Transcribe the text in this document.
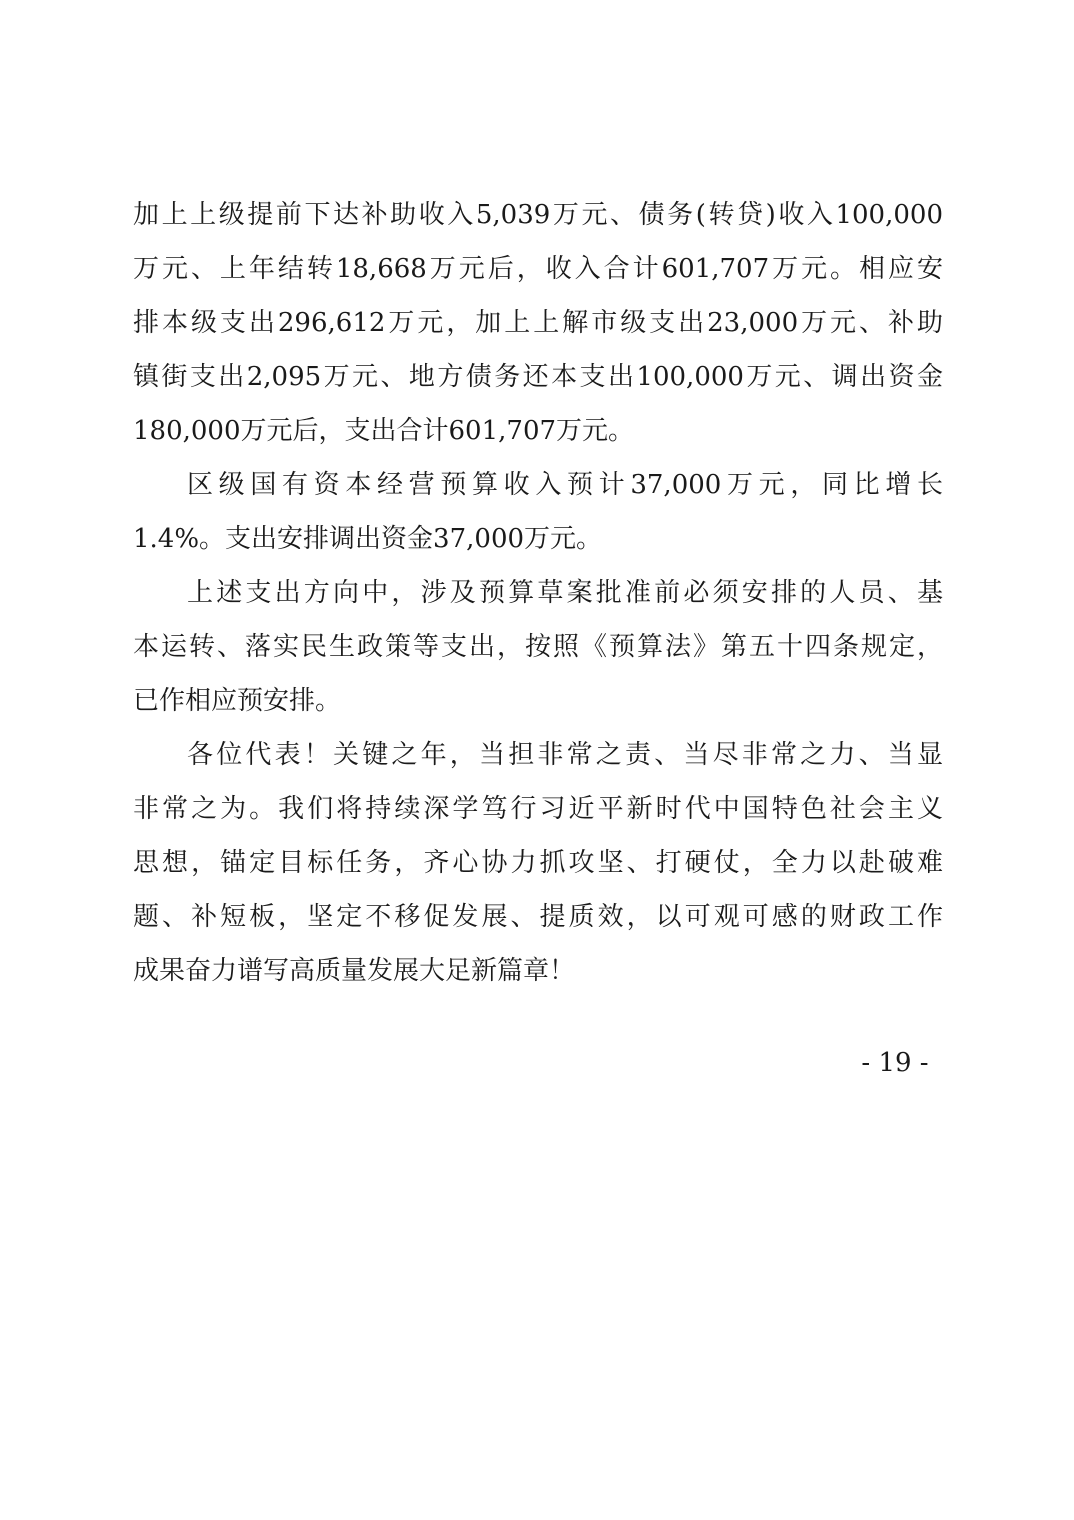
加上上级提前下达补助收入5,039万元、债务(转贷)收入100,000
万元、上年结转18,668万元后，收入合计601,707万元。相应安
排本级支出296,612万元，加上上解市级支出23,000万元、补助
镇街支出2,095万元、地方债务还本支出100,000万元、调出资金
180,000万元后，支出合计601,707万元。
区级国有资本经营预算收入预计37,000万元，同比增长
1.4%。支出安排调出资金37,000万元。
上述支出方向中，涉及预算草案批准前必须安排的人员、基
本运转、落实民生政策等支出，按照《预算法》第五十四条规定，
已作相应预安排。
各位代表！关键之年，当担非常之责、当尽非常之力、当显
非常之为。我们将持续深学笃行习近平新时代中国特色社会主义
思想，锚定目标任务，齐心协力抓攻坚、打硬仗，全力以赴破难
题、补短板，坚定不移促发展、提质效，以可观可感的财政工作
成果奋力谱写高质量发展大足新篇章！
- 19 -
